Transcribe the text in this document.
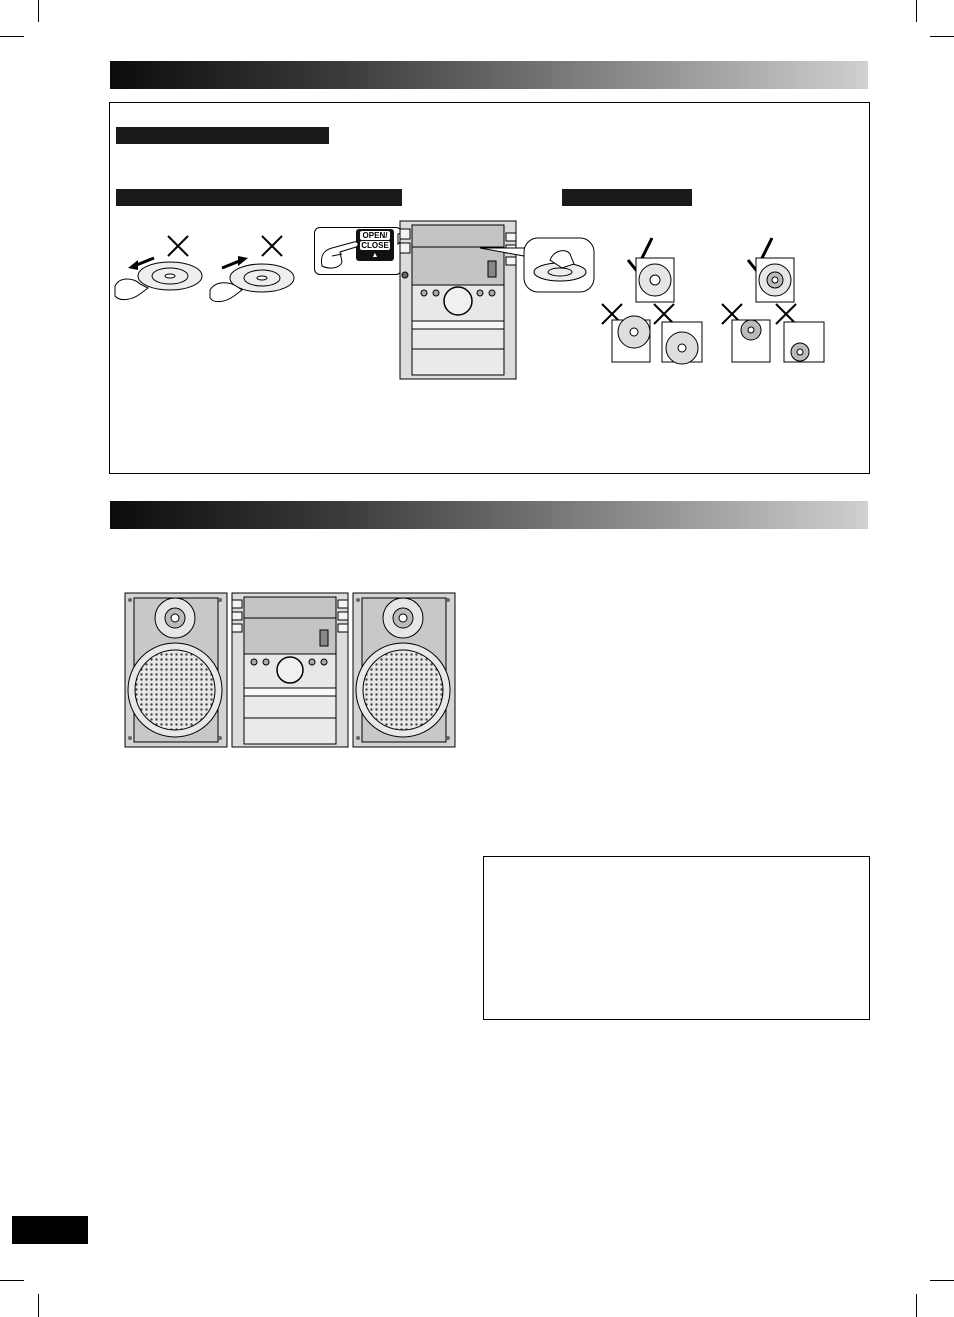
OPEN/
CLOSE
▲
